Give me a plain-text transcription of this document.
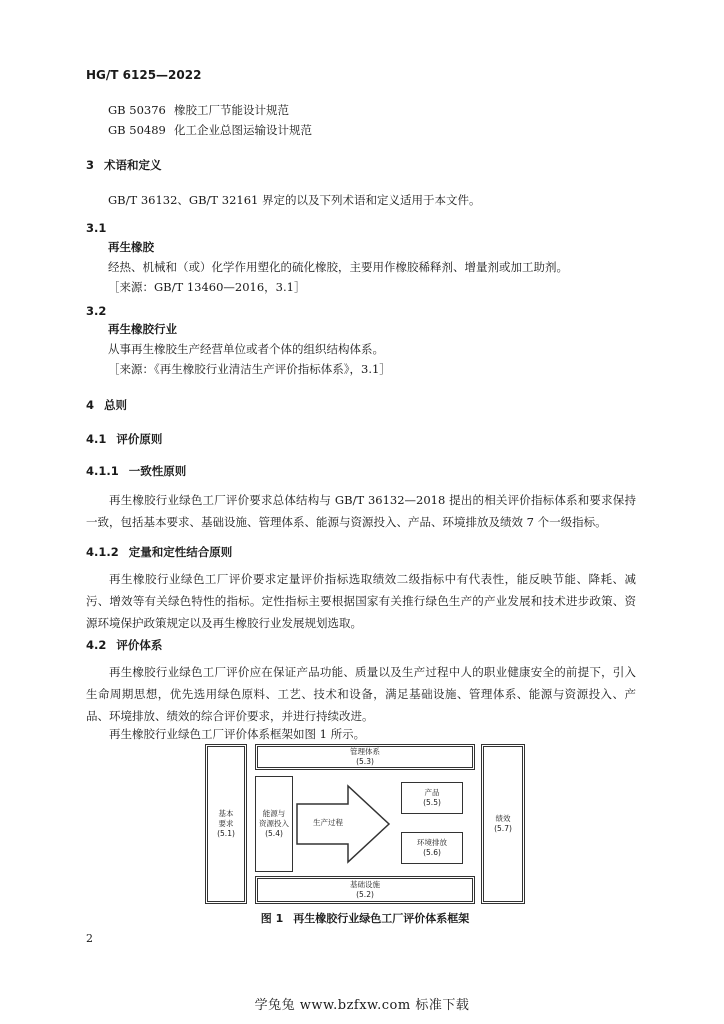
HG/T 6125—2022
GB 50376 橡胶工厂节能设计规范
GB 50489 化工企业总图运输设计规范
3 术语和定义
GB/T 36132、GB/T 32161 界定的以及下列术语和定义适用于本文件。
3.1
再生橡胶
经热、机械和（或）化学作用塑化的硫化橡胶，主要用作橡胶稀释剂、增量剂或加工助剂。
［来源：GB/T 13460—2016，3.1］
3.2
再生橡胶行业
从事再生橡胶生产经营单位或者个体的组织结构体系。
［来源：《再生橡胶行业清洁生产评价指标体系》，3.1］
4 总则
4.1 评价原则
4.1.1 一致性原则
再生橡胶行业绿色工厂评价要求总体结构与 GB/T 36132—2018 提出的相关评价指标体系和要求保持一致，包括基本要求、基础设施、管理体系、能源与资源投入、产品、环境排放及绩效 7 个一级指标。
4.1.2 定量和定性结合原则
再生橡胶行业绿色工厂评价要求定量评价指标选取绩效二级指标中有代表性，能反映节能、降耗、减污、增效等有关绿色特性的指标。定性指标主要根据国家有关推行绿色生产的产业发展和技术进步政策、资源环境保护政策规定以及再生橡胶行业发展规划选取。
4.2 评价体系
再生橡胶行业绿色工厂评价应在保证产品功能、质量以及生产过程中人的职业健康安全的前提下，引入生命周期思想，优先选用绿色原料、工艺、技术和设备，满足基础设施、管理体系、能源与资源投入、产品、环境排放、绩效的综合评价要求，并进行持续改进。
再生橡胶行业绿色工厂评价体系框架如图 1 所示。
基本
要求
(5.1)
管理体系
(5.3)
能源与
资源投入
(5.4)
生产过程
产品
(5.5)
环境排放
(5.6)
基础设施
(5.2)
绩效
(5.7)
图 1 再生橡胶行业绿色工厂评价体系框架
2
学兔兔 www.bzfxw.com 标准下载
